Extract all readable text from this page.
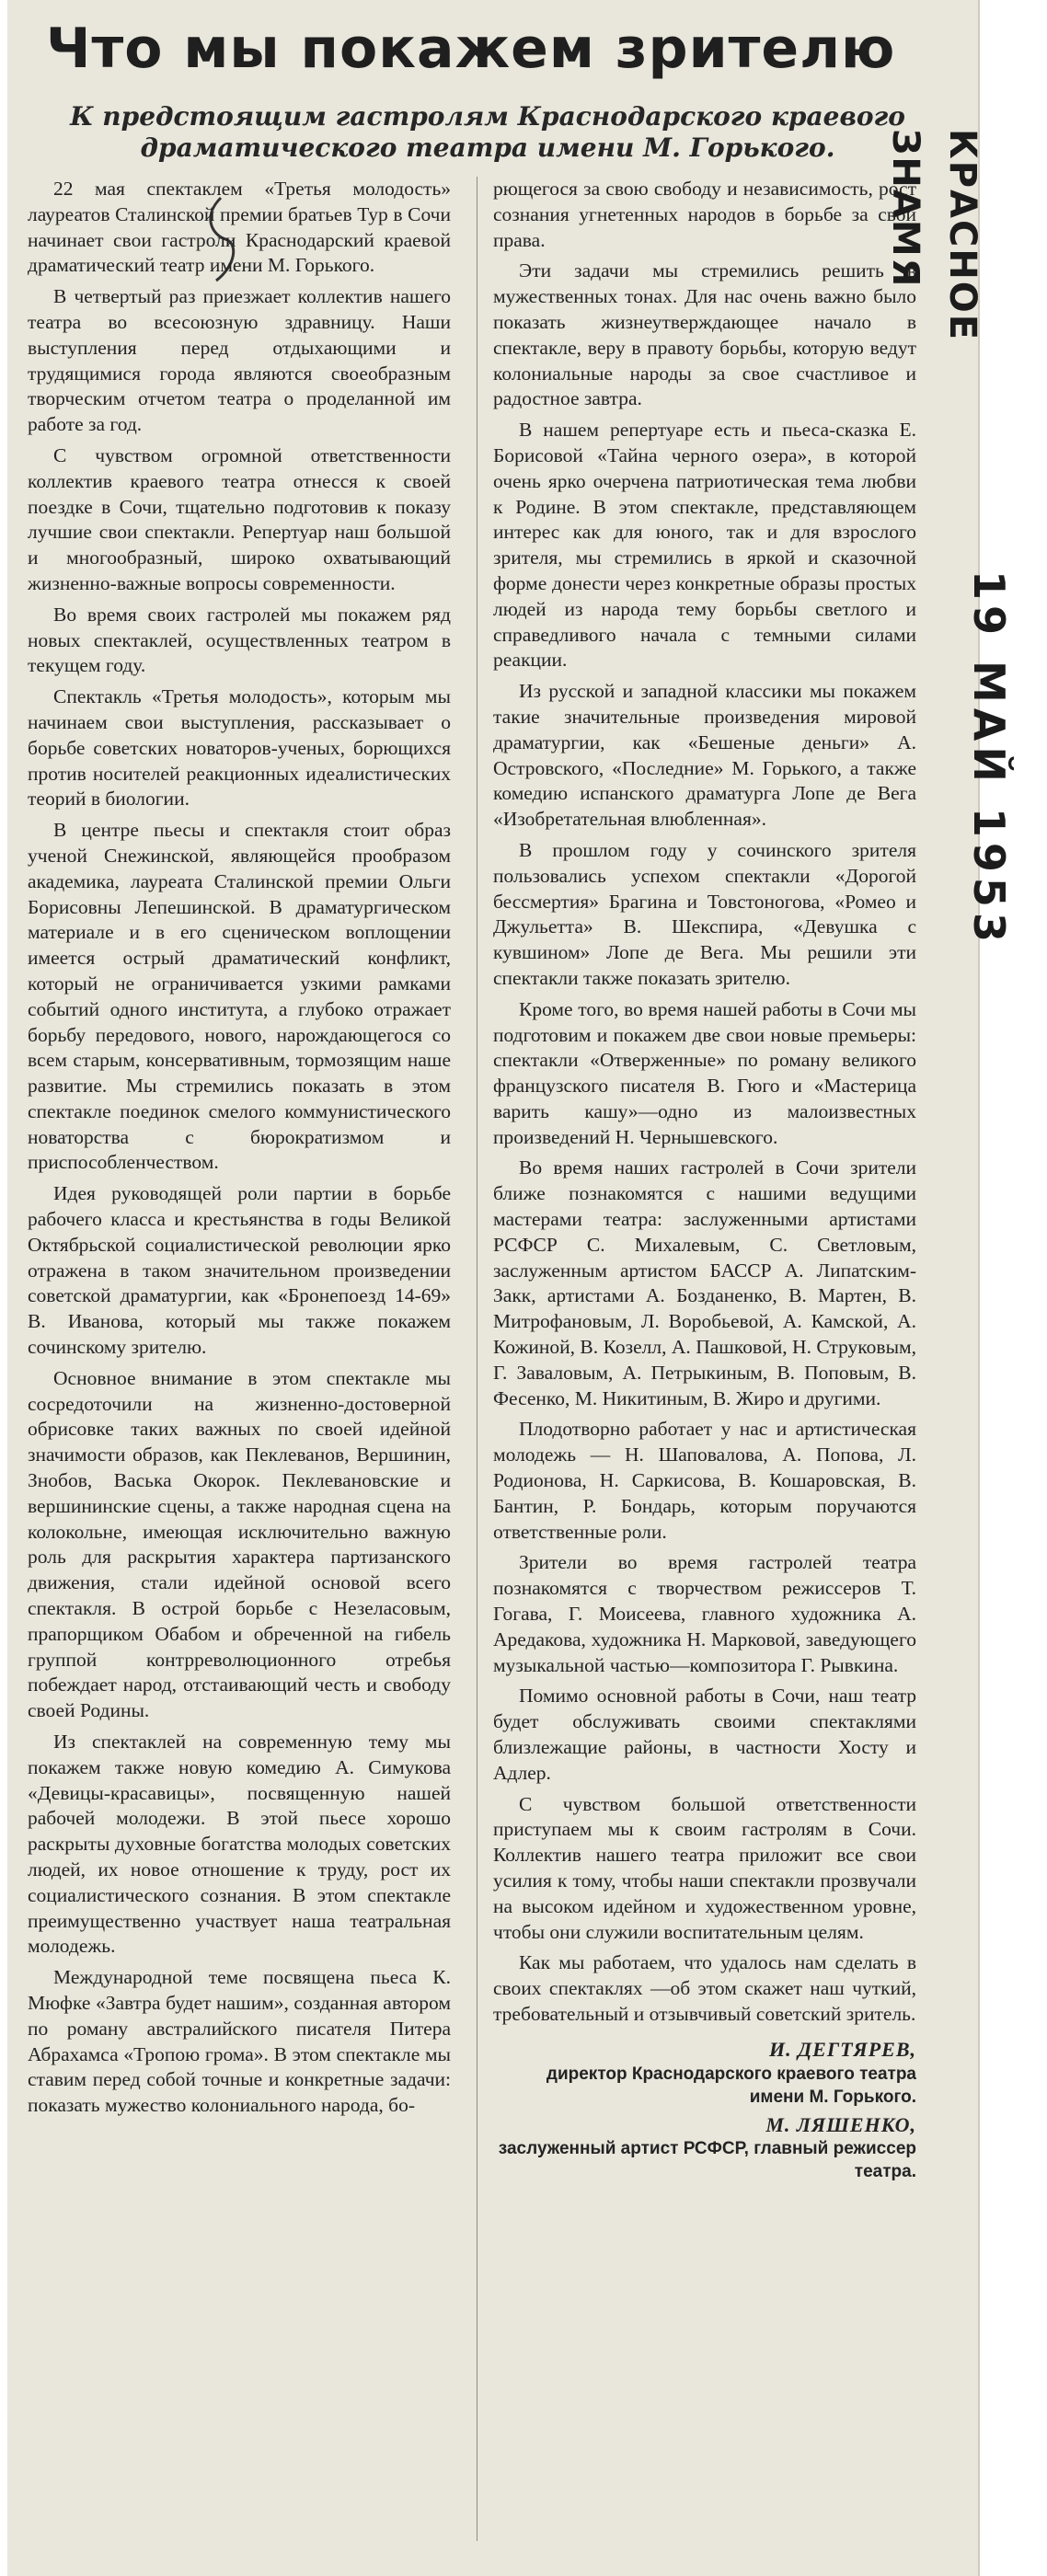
Что мы покажем зрителю
К предстоящим гастролям Краснодарского краевого драматического театра имени М. Горького.

22 мая спектаклем «Третья молодость» лауреатов Сталинской премии братьев Тур в Сочи начинает свои гастроли Краснодарский краевой драматический театр имени М. Горького.

В четвертый раз приезжает коллектив нашего театра во всесоюзную здравницу. Наши выступления перед отдыхающими и трудящимися города являются своеобразным творческим отчетом театра о проделанной им работе за год.

С чувством огромной ответственности коллектив краевого театра отнесся к своей поездке в Сочи, тщательно подготовив к показу лучшие свои спектакли. Репертуар наш большой и многообразный, широко охватывающий жизненно-важные вопросы современности.

Во время своих гастролей мы покажем ряд новых спектаклей, осуществленных театром в текущем году.

Спектакль «Третья молодость», которым мы начинаем свои выступления, рассказывает о борьбе советских новаторов-ученых, борющихся против носителей реакционных идеалистических теорий в биологии.

В центре пьесы и спектакля стоит образ ученой Снежинской, являющейся прообразом академика, лауреата Сталинской премии Ольги Борисовны Лепешинской. В драматургическом материале и в его сценическом воплощении имеется острый драматический конфликт, который не ограничивается узкими рамками событий одного института, а глубоко отражает борьбу передового, нового, нарождающегося со всем старым, консервативным, тормозящим наше развитие. Мы стремились показать в этом спектакле поединок смелого коммунистического новаторства с бюрократизмом и приспособленчеством.

Идея руководящей роли партии в борьбе рабочего класса и крестьянства в годы Великой Октябрьской социалистической революции ярко отражена в таком значительном произведении советской драматургии, как «Бронепоезд 14-69» В. Иванова, который мы также покажем сочинскому зрителю.

Основное внимание в этом спектакле мы сосредоточили на жизненно-достоверной обрисовке таких важных по своей идейной значимости образов, как Пеклеванов, Вершинин, Знобов, Васька Окорок. Пеклевановские и вершининские сцены, а также народная сцена на колокольне, имеющая исключительно важную роль для раскрытия характера партизанского движения, стали идейной основой всего спектакля. В острой борьбе с Незеласовым, прапорщиком Обабом и обреченной на гибель группой контрреволюционного отребья побеждает народ, отстаивающий честь и свободу своей Родины.

Из спектаклей на современную тему мы покажем также новую комедию А. Симукова «Девицы-красавицы», посвященную нашей рабочей молодежи. В этой пьесе хорошо раскрыты духовные богатства молодых советских людей, их новое отношение к труду, рост их социалистического сознания. В этом спектакле преимущественно участвует наша театральная молодежь.

Международной теме посвящена пьеса К. Мюфке «Завтра будет нашим», созданная автором по роману австралийского писателя Питера Абрахамса «Тропою грома». В этом спектакле мы ставим перед собой точные и конкретные задачи: показать мужество колониального народа, бо-

рющегося за свою свободу и независимость, рост сознания угнетенных народов в борьбе за свои права.

Эти задачи мы стремились решить в мужественных тонах. Для нас очень важно было показать жизнеутверждающее начало в спектакле, веру в правоту борьбы, которую ведут колониальные народы за свое счастливое и радостное завтра.

В нашем репертуаре есть и пьеса-сказка Е. Борисовой «Тайна черного озера», в которой очень ярко очерчена патриотическая тема любви к Родине. В этом спектакле, представляющем интерес как для юного, так и для взрослого зрителя, мы стремились в яркой и сказочной форме донести через конкретные образы простых людей из народа тему борьбы светлого и справедливого начала с темными силами реакции.

Из русской и западной классики мы покажем такие значительные произведения мировой драматургии, как «Бешеные деньги» А. Островского, «Последние» М. Горького, а также комедию испанского драматурга Лопе де Вега «Изобретательная влюбленная».

В прошлом году у сочинского зрителя пользовались успехом спектакли «Дорогой бессмертия» Брагина и Товстоногова, «Ромео и Джульетта» В. Шекспира, «Девушка с кувшином» Лопе де Вега. Мы решили эти спектакли также показать зрителю.

Кроме того, во время нашей работы в Сочи мы подготовим и покажем две свои новые премьеры: спектакли «Отверженные» по роману великого французского писателя В. Гюго и «Мастерица варить кашу»—одно из малоизвестных произведений Н. Чернышевского.

Во время наших гастролей в Сочи зрители ближе познакомятся с нашими ведущими мастерами театра: заслуженными артистами РСФСР С. Михалевым, С. Светловым, заслуженным артистом БАССР А. Липатским-Закк, артистами А. Бозданенко, В. Мартен, В. Митрофановым, Л. Воробьевой, А. Камской, А. Кожиной, В. Козелл, А. Пашковой, Н. Струковым, Г. Заваловым, А. Петрыкиным, В. Поповым, В. Фесенко, М. Никитиным, В. Жиро и другими.

Плодотворно работает у нас и артистическая молодежь — Н. Шаповалова, А. Попова, Л. Родионова, Н. Саркисова, В. Кошаровская, В. Бантин, Р. Бондарь, которым поручаются ответственные роли.

Зрители во время гастролей театра познакомятся с творчеством режиссеров Т. Гогава, Г. Моисеева, главного художника А. Аредакова, художника Н. Марковой, заведующего музыкальной частью—композитора Г. Рывкина.

Помимо основной работы в Сочи, наш театр будет обслуживать своими спектаклями близлежащие районы, в частности Хосту и Адлер.

С чувством большой ответственности приступаем мы к своим гастролям в Сочи. Коллектив нашего театра приложит все свои усилия к тому, чтобы наши спектакли прозвучали на высоком идейном и художественном уровне, чтобы они служили воспитательным целям.

Как мы работаем, что удалось нам сделать в своих спектаклях —об этом скажет наш чуткий, требовательный и отзывчивый советский зритель.

И. ДЕГТЯРЕВ,
директор Краснодарского краевого театра имени М. Горького.
М. ЛЯШЕНКО,
заслуженный артист РСФСР, главный режиссер театра.
КРАСНОЕ ЗНАМЯ
19 МАЙ 1953
